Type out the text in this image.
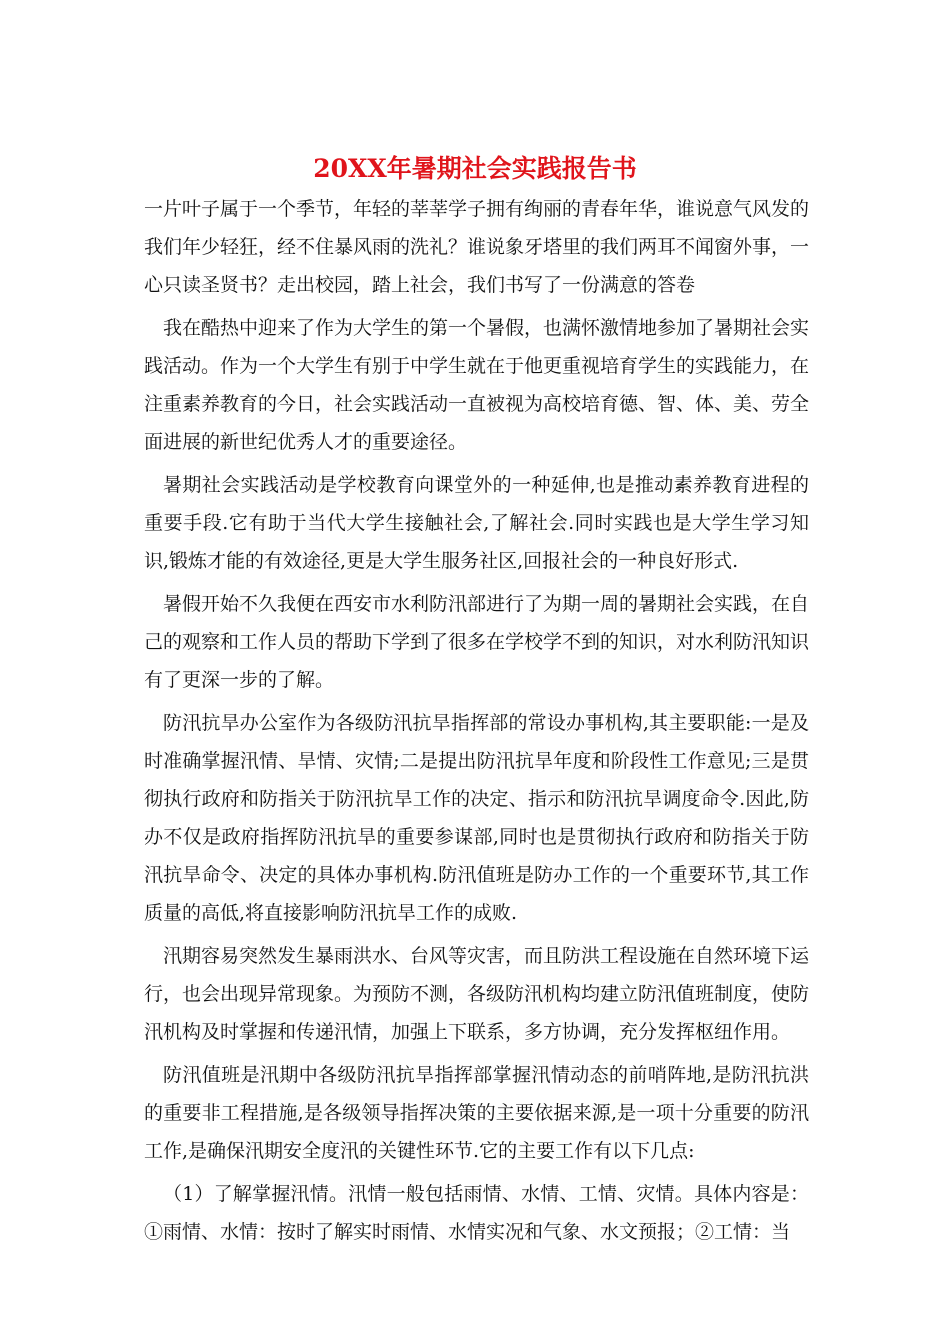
20XX年暑期社会实践报告书

一片叶子属于一个季节，年轻的莘莘学子拥有绚丽的青春年华，谁说意气风发的我们年少轻狂，经不住暴风雨的洗礼？谁说象牙塔里的我们两耳不闻窗外事，一心只读圣贤书？走出校园，踏上社会，我们书写了一份满意的答卷

我在酷热中迎来了作为大学生的第一个暑假，也满怀激情地参加了暑期社会实践活动。作为一个大学生有别于中学生就在于他更重视培育学生的实践能力，在注重素养教育的今日，社会实践活动一直被视为高校培育德、智、体、美、劳全面进展的新世纪优秀人才的重要途径。

暑期社会实践活动是学校教育向课堂外的一种延伸,也是推动素养教育进程的重要手段.它有助于当代大学生接触社会,了解社会.同时实践也是大学生学习知识,锻炼才能的有效途径,更是大学生服务社区,回报社会的一种良好形式.

暑假开始不久我便在西安市水利防汛部进行了为期一周的暑期社会实践，在自己的观察和工作人员的帮助下学到了很多在学校学不到的知识，对水利防汛知识有了更深一步的了解。

防汛抗旱办公室作为各级防汛抗旱指挥部的常设办事机构,其主要职能:一是及时准确掌握汛情、旱情、灾情;二是提出防汛抗旱年度和阶段性工作意见;三是贯彻执行政府和防指关于防汛抗旱工作的决定、指示和防汛抗旱调度命令.因此,防办不仅是政府指挥防汛抗旱的重要参谋部,同时也是贯彻执行政府和防指关于防汛抗旱命令、决定的具体办事机构.防汛值班是防办工作的一个重要环节,其工作质量的高低,将直接影响防汛抗旱工作的成败.

汛期容易突然发生暴雨洪水、台风等灾害，而且防洪工程设施在自然环境下运行，也会出现异常现象。为预防不测，各级防汛机构均建立防汛值班制度，使防汛机构及时掌握和传递汛情，加强上下联系，多方协调，充分发挥枢纽作用。

防汛值班是汛期中各级防汛抗旱指挥部掌握汛情动态的前哨阵地,是防汛抗洪的重要非工程措施,是各级领导指挥决策的主要依据来源,是一项十分重要的防汛工作,是确保汛期安全度汛的关键性环节.它的主要工作有以下几点:

（1）了解掌握汛情。汛情一般包括雨情、水情、工情、灾情。具体内容是：①雨情、水情：按时了解实时雨情、水情实况和气象、水文预报；②工情：当
